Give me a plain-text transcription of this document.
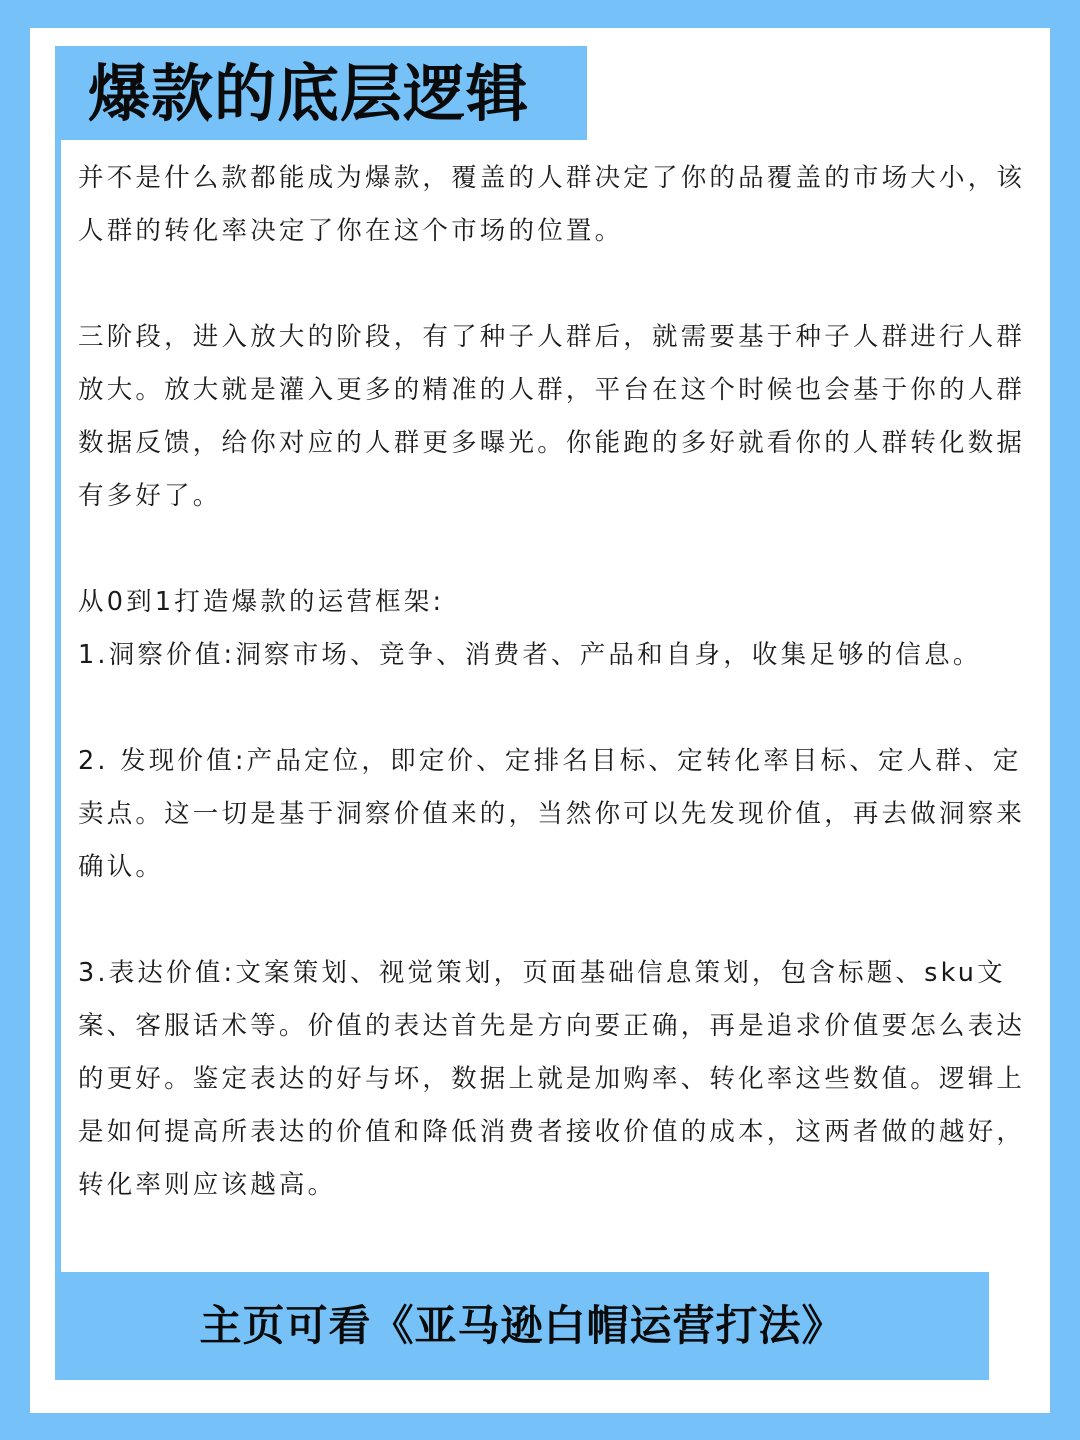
爆款的底层逻辑

并不是什么款都能成为爆款，覆盖的人群决定了你的品覆盖的市场大小，该人群的转化率决定了你在这个市场的位置。

三阶段，进入放大的阶段，有了种子人群后，就需要基于种子人群进行人群放大。放大就是灌入更多的精准的人群，平台在这个时候也会基于你的人群数据反馈，给你对应的人群更多曝光。你能跑的多好就看你的人群转化数据有多好了。

从0到1打造爆款的运营框架:

1.洞察价值:洞察市场、竞争、消费者、产品和自身，收集足够的信息。

2. 发现价值:产品定位，即定价、定排名目标、定转化率目标、定人群、定卖点。这一切是基于洞察价值来的，当然你可以先发现价值，再去做洞察来确认。

3.表达价值:文案策划、视觉策划，页面基础信息策划，包含标题、sku文案、客服话术等。价值的表达首先是方向要正确，再是追求价值要怎么表达的更好。鉴定表达的好与坏，数据上就是加购率、转化率这些数值。逻辑上是如何提高所表达的价值和降低消费者接收价值的成本，这两者做的越好，转化率则应该越高。

主页可看《亚马逊白帽运营打法》
